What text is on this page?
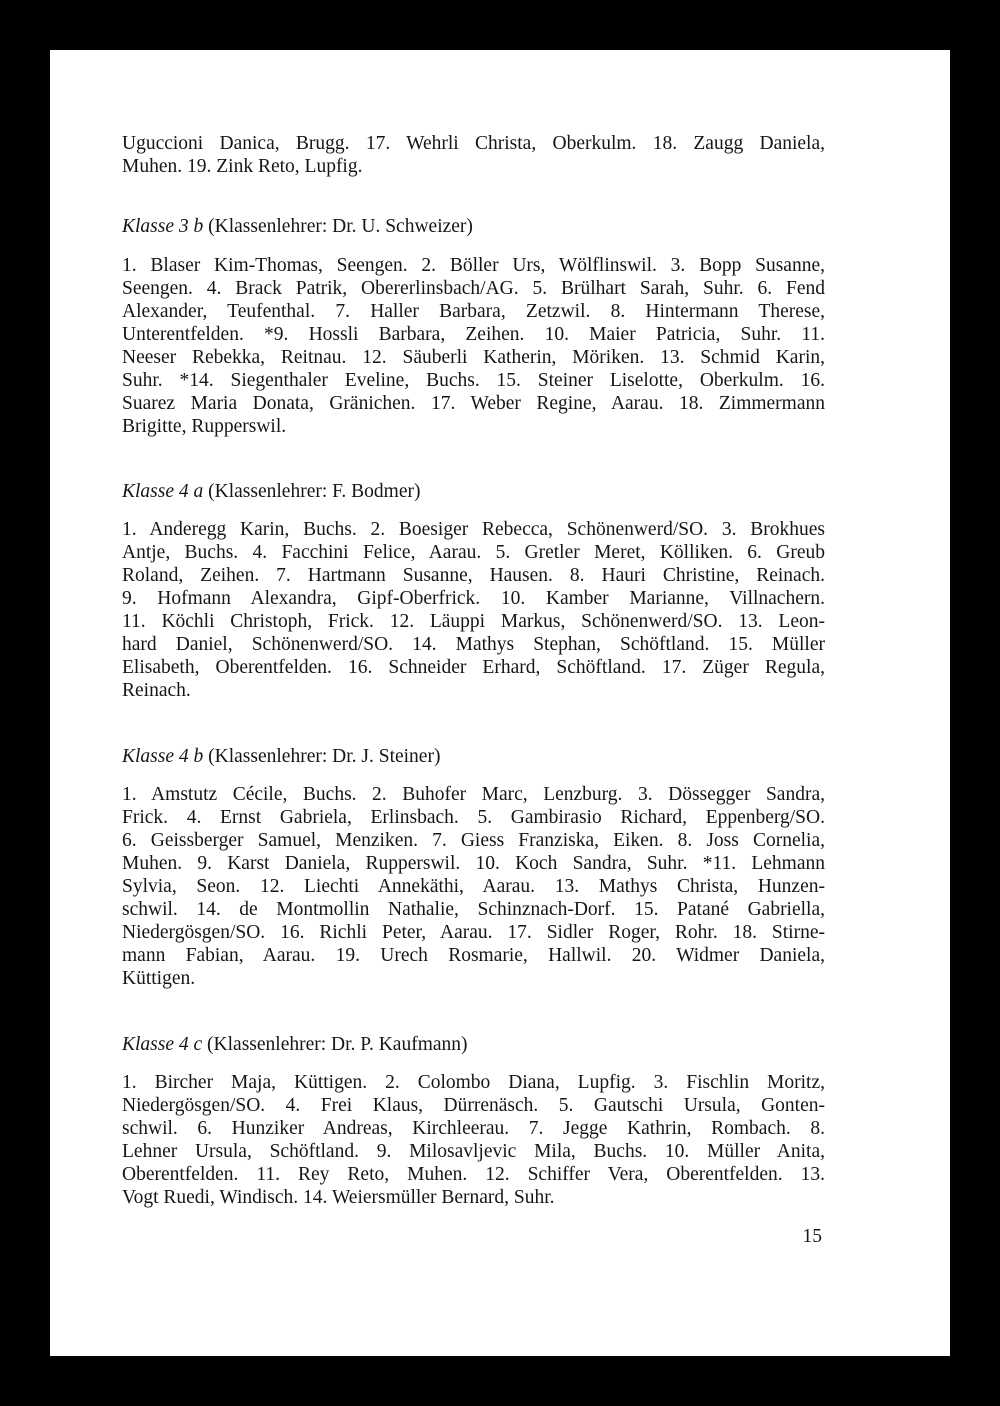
Uguccioni Danica, Brugg. 17. Wehrli Christa, Oberkulm. 18. Zaugg Daniela,
Muhen. 19. Zink Reto, Lupfig.
Klasse 3 b (Klassenlehrer: Dr. U. Schweizer)
1. Blaser Kim-Thomas, Seengen. 2. Böller Urs, Wölflinswil. 3. Bopp Susanne,
Seengen. 4. Brack Patrik, Obererlinsbach/AG. 5. Brülhart Sarah, Suhr. 6. Fend
Alexander, Teufenthal. 7. Haller Barbara, Zetzwil. 8. Hintermann Therese,
Unterentfelden. *9. Hossli Barbara, Zeihen. 10. Maier Patricia, Suhr. 11.
Neeser Rebekka, Reitnau. 12. Säuberli Katherin, Möriken. 13. Schmid Karin,
Suhr. *14. Siegenthaler Eveline, Buchs. 15. Steiner Liselotte, Oberkulm. 16.
Suarez Maria Donata, Gränichen. 17. Weber Regine, Aarau. 18. Zimmermann
Brigitte, Rupperswil.
Klasse 4 a (Klassenlehrer: F. Bodmer)
1. Anderegg Karin, Buchs. 2. Boesiger Rebecca, Schönenwerd/SO. 3. Brokhues
Antje, Buchs. 4. Facchini Felice, Aarau. 5. Gretler Meret, Kölliken. 6. Greub
Roland, Zeihen. 7. Hartmann Susanne, Hausen. 8. Hauri Christine, Reinach.
9. Hofmann Alexandra, Gipf-Oberfrick. 10. Kamber Marianne, Villnachern.
11. Köchli Christoph, Frick. 12. Läuppi Markus, Schönenwerd/SO. 13. Leon-
hard Daniel, Schönenwerd/SO. 14. Mathys Stephan, Schöftland. 15. Müller
Elisabeth, Oberentfelden. 16. Schneider Erhard, Schöftland. 17. Züger Regula,
Reinach.
Klasse 4 b (Klassenlehrer: Dr. J. Steiner)
1. Amstutz Cécile, Buchs. 2. Buhofer Marc, Lenzburg. 3. Dössegger Sandra,
Frick. 4. Ernst Gabriela, Erlinsbach. 5. Gambirasio Richard, Eppenberg/SO.
6. Geissberger Samuel, Menziken. 7. Giess Franziska, Eiken. 8. Joss Cornelia,
Muhen. 9. Karst Daniela, Rupperswil. 10. Koch Sandra, Suhr. *11. Lehmann
Sylvia, Seon. 12. Liechti Annekäthi, Aarau. 13. Mathys Christa, Hunzen-
schwil. 14. de Montmollin Nathalie, Schinznach-Dorf. 15. Patané Gabriella,
Niedergösgen/SO. 16. Richli Peter, Aarau. 17. Sidler Roger, Rohr. 18. Stirne-
mann Fabian, Aarau. 19. Urech Rosmarie, Hallwil. 20. Widmer Daniela,
Küttigen.
Klasse 4 c (Klassenlehrer: Dr. P. Kaufmann)
1. Bircher Maja, Küttigen. 2. Colombo Diana, Lupfig. 3. Fischlin Moritz,
Niedergösgen/SO. 4. Frei Klaus, Dürrenäsch. 5. Gautschi Ursula, Gonten-
schwil. 6. Hunziker Andreas, Kirchleerau. 7. Jegge Kathrin, Rombach. 8.
Lehner Ursula, Schöftland. 9. Milosavljevic Mila, Buchs. 10. Müller Anita,
Oberentfelden. 11. Rey Reto, Muhen. 12. Schiffer Vera, Oberentfelden. 13.
Vogt Ruedi, Windisch. 14. Weiersmüller Bernard, Suhr.
15
